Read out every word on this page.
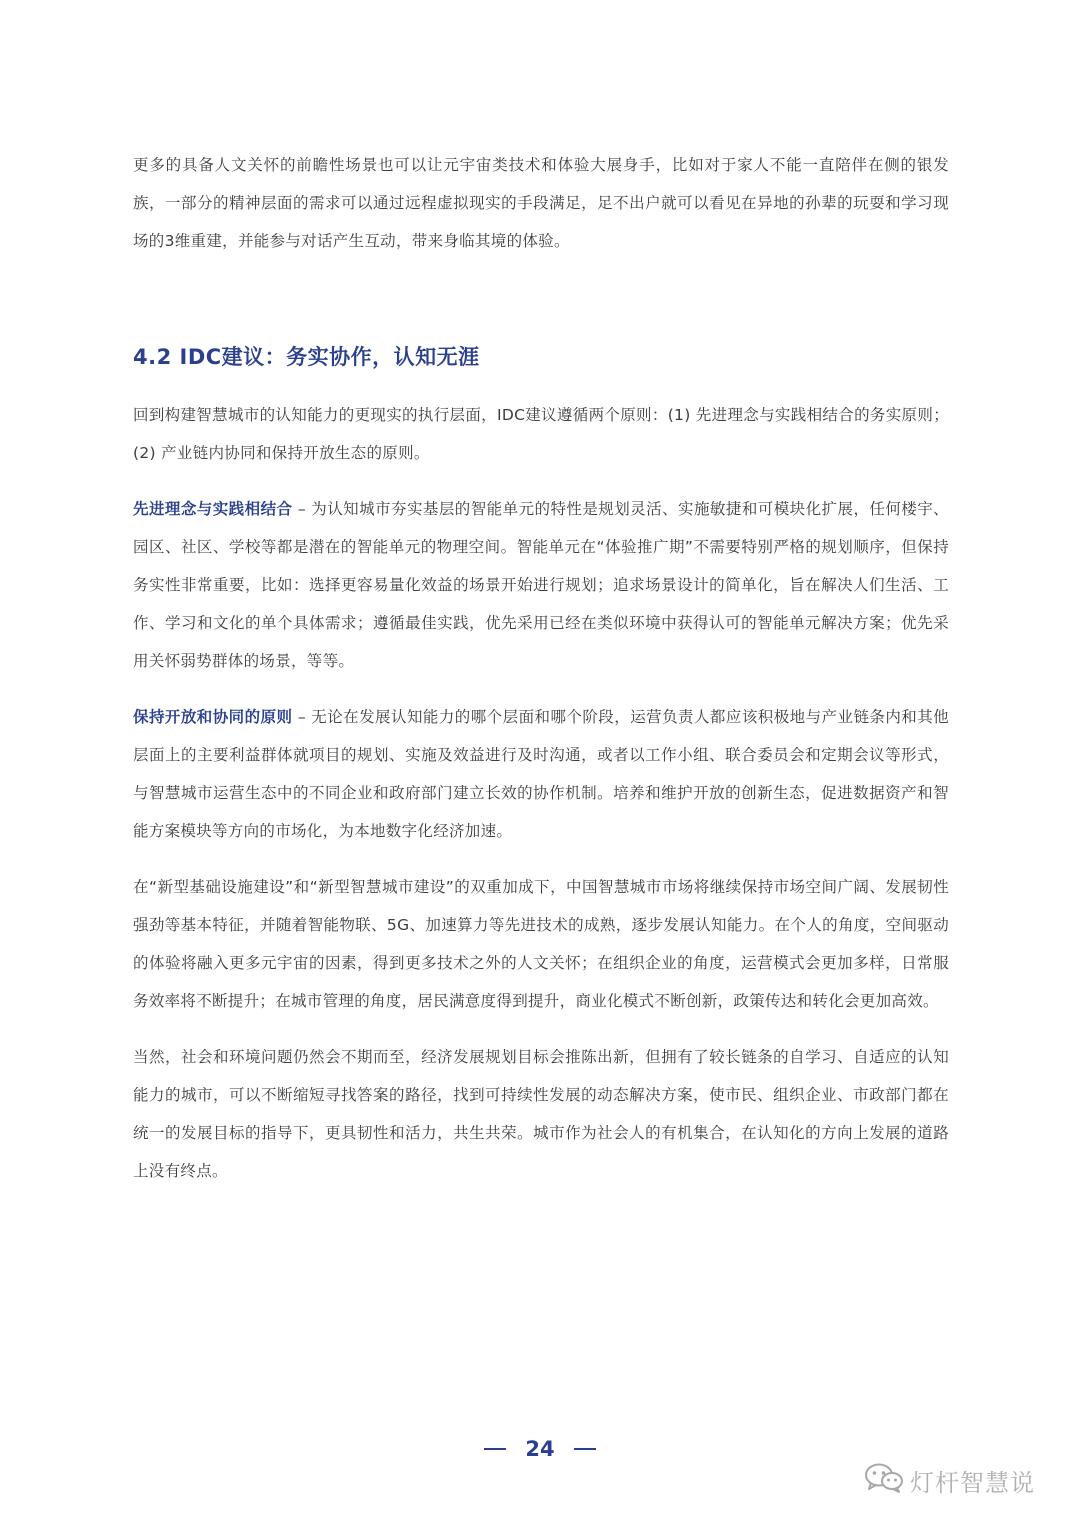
更多的具备人文关怀的前瞻性场景也可以让元宇宙类技术和体验大展身手，比如对于家人不能一直陪伴在侧的银发族，一部分的精神层面的需求可以通过远程虚拟现实的手段满足，足不出户就可以看见在异地的孙辈的玩耍和学习现场的3维重建，并能参与对话产生互动，带来身临其境的体验。

4.2 IDC建议：务实协作，认知无涯

回到构建智慧城市的认知能力的更现实的执行层面，IDC建议遵循两个原则：(1) 先进理念与实践相结合的务实原则；(2) 产业链内协同和保持开放生态的原则。

先进理念与实践相结合 – 为认知城市夯实基层的智能单元的特性是规划灵活、实施敏捷和可模块化扩展，任何楼宇、园区、社区、学校等都是潜在的智能单元的物理空间。智能单元在“体验推广期”不需要特别严格的规划顺序，但保持务实性非常重要，比如：选择更容易量化效益的场景开始进行规划；追求场景设计的简单化，旨在解决人们生活、工作、学习和文化的单个具体需求；遵循最佳实践，优先采用已经在类似环境中获得认可的智能单元解决方案；优先采用关怀弱势群体的场景，等等。

保持开放和协同的原则 – 无论在发展认知能力的哪个层面和哪个阶段，运营负责人都应该积极地与产业链条内和其他层面上的主要利益群体就项目的规划、实施及效益进行及时沟通，或者以工作小组、联合委员会和定期会议等形式，与智慧城市运营生态中的不同企业和政府部门建立长效的协作机制。培养和维护开放的创新生态，促进数据资产和智能方案模块等方向的市场化，为本地数字化经济加速。

在“新型基础设施建设”和“新型智慧城市建设”的双重加成下，中国智慧城市市场将继续保持市场空间广阔、发展韧性强劲等基本特征，并随着智能物联、5G、加速算力等先进技术的成熟，逐步发展认知能力。在个人的角度，空间驱动的体验将融入更多元宇宙的因素，得到更多技术之外的人文关怀；在组织企业的角度，运营模式会更加多样，日常服务效率将不断提升；在城市管理的角度，居民满意度得到提升，商业化模式不断创新，政策传达和转化会更加高效。

当然，社会和环境问题仍然会不期而至，经济发展规划目标会推陈出新，但拥有了较长链条的自学习、自适应的认知能力的城市，可以不断缩短寻找答案的路径，找到可持续性发展的动态解决方案，使市民、组织企业、市政部门都在统一的发展目标的指导下，更具韧性和活力，共生共荣。城市作为社会人的有机集合，在认知化的方向上发展的道路上没有终点。

24
灯杆智慧说
